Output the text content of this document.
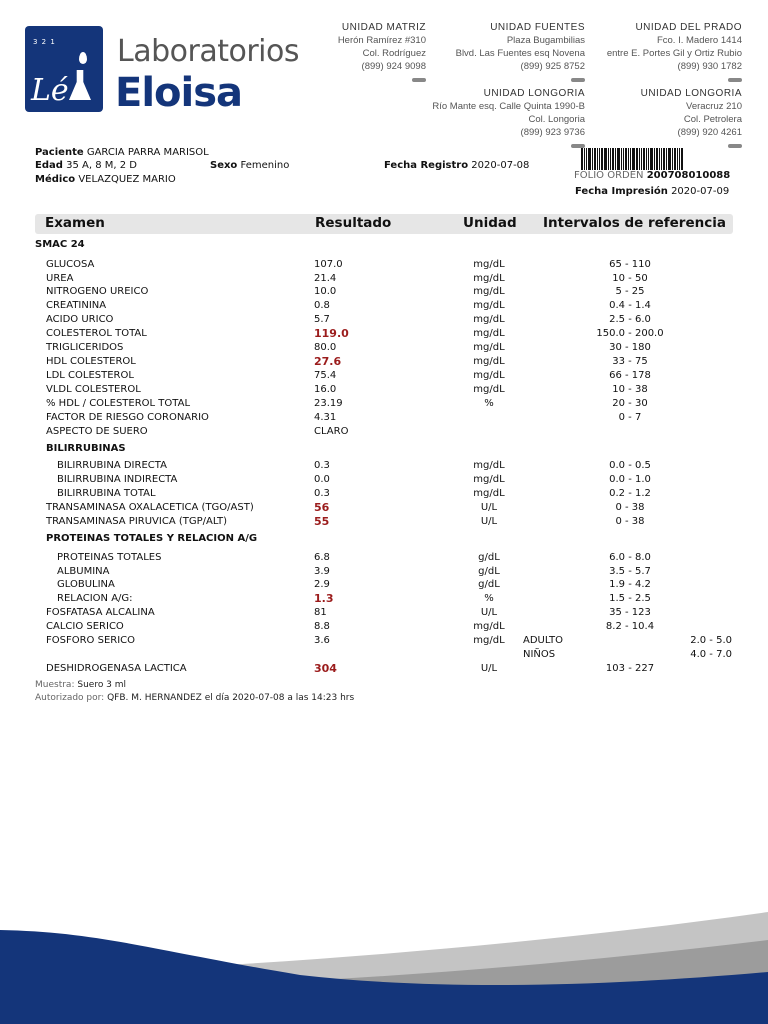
3 2 1
Lé
Laboratorios
Eloisa
UNIDAD MATRIZ
Herón Ramírez #310
Col. Rodríguez
(899) 924 9098
UNIDAD FUENTES
Plaza Bugambilias
Blvd. Las Fuentes esq Novena
(899) 925 8752
UNIDAD DEL PRADO
Fco. I. Madero 1414
entre E. Portes Gil y Ortiz Rubio
(899) 930 1782
UNIDAD LONGORIA
Río Mante esq. Calle Quinta 1990-B
Col. Longoria
(899) 923 9736
UNIDAD LONGORIA
Veracruz 210
Col. Petrolera
(899) 920 4261
Paciente GARCIA PARRA MARISOL
Edad 35 A, 8 M, 2 D	Sexo Femenino
Médico VELAZQUEZ MARIO
Fecha Registro 2020-07-08
FOLIO ORDEN 200708010088
Fecha Impresión 2020-07-09
Examen	Resultado	Unidad Intervalos de referencia
SMAC 24
BILIRRUBINAS
PROTEINAS TOTALES Y RELACION A/G
GLUCOSA	107.0	mg/dL	65 - 110
UREA	21.4	mg/dL	10 - 50
NITROGENO UREICO	10.0	mg/dL	5 - 25
CREATININA	0.8	mg/dL	0.4 - 1.4
ACIDO URICO	5.7	mg/dL	2.5 - 6.0
COLESTEROL TOTAL	119.0	mg/dL	150.0 - 200.0
TRIGLICERIDOS	80.0	mg/dL	30 - 180
HDL COLESTEROL	27.6	mg/dL	33 - 75
LDL COLESTEROL	75.4	mg/dL	66 - 178
VLDL COLESTEROL	16.0	mg/dL	10 - 38
% HDL / COLESTEROL TOTAL	23.19	%	20 - 30
FACTOR DE RIESGO CORONARIO	4.31	0 - 7
ASPECTO DE SUERO	CLARO
BILIRRUBINA DIRECTA	0.3	mg/dL	0.0 - 0.5
BILIRRUBINA INDIRECTA	0.0	mg/dL	0.0 - 1.0
BILIRRUBINA TOTAL	0.3	mg/dL	0.2 - 1.2
TRANSAMINASA OXALACETICA (TGO/AST)	56	U/L	0 - 38
TRANSAMINASA PIRUVICA (TGP/ALT)	55	U/L	0 - 38
PROTEINAS TOTALES	6.8	g/dL	6.0 - 8.0
ALBUMINA	3.9	g/dL	3.5 - 5.7
GLOBULINA	2.9	g/dL	1.9 - 4.2
RELACION A/G:	1.3	%	1.5 - 2.5
FOSFATASA ALCALINA	81	U/L	35 - 123
CALCIO SERICO	8.8	mg/dL	8.2 - 10.4
FOSFORO SERICO	3.6	mg/dL	ADULTO	2.0 - 5.0
NIÑOS	4.0 - 7.0
DESHIDROGENASA LACTICA	304	U/L	103 - 227
Muestra: Suero 3 ml
Autorizado por: QFB. M. HERNANDEZ el día 2020-07-08 a las 14:23 hrs
